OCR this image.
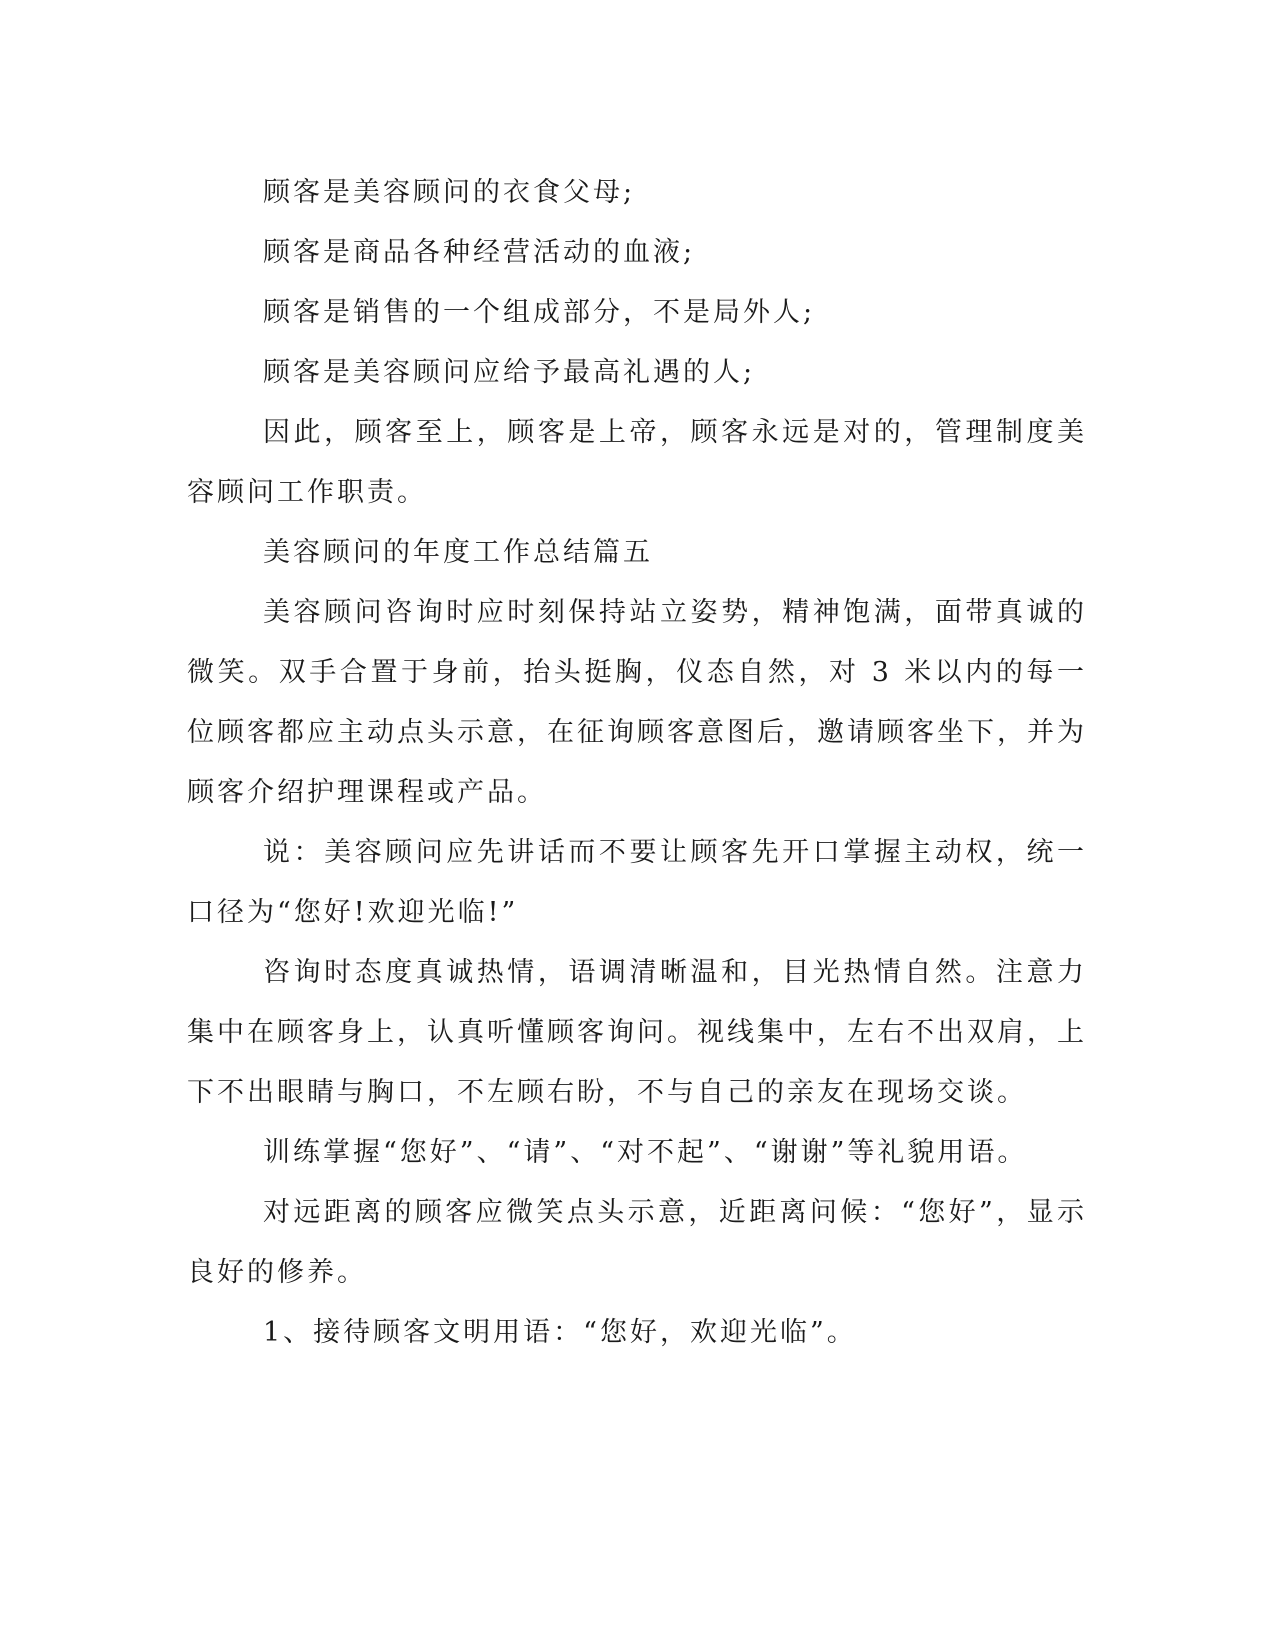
顾客是美容顾问的衣食父母;

顾客是商品各种经营活动的血液;

顾客是销售的一个组成部分，不是局外人;

顾客是美容顾问应给予最高礼遇的人;

因此，顾客至上，顾客是上帝，顾客永远是对的，管理制度美容顾问工作职责。

美容顾问的年度工作总结篇五

美容顾问咨询时应时刻保持站立姿势，精神饱满，面带真诚的微笑。双手合置于身前，抬头挺胸，仪态自然，对 3 米以内的每一位顾客都应主动点头示意，在征询顾客意图后，邀请顾客坐下，并为顾客介绍护理课程或产品。

说：美容顾问应先讲话而不要让顾客先开口掌握主动权，统一口径为“您好!欢迎光临!”

咨询时态度真诚热情，语调清晰温和，目光热情自然。注意力集中在顾客身上，认真听懂顾客询问。视线集中，左右不出双肩，上下不出眼睛与胸口，不左顾右盼，不与自己的亲友在现场交谈。

训练掌握“您好”、“请”、“对不起”、“谢谢”等礼貌用语。

对远距离的顾客应微笑点头示意，近距离问候：“您好”，显示良好的修养。

1、接待顾客文明用语：“您好，欢迎光临”。
